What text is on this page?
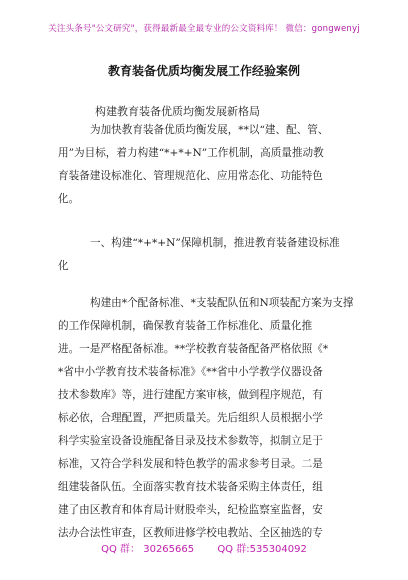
关注头条号"公文研究"，获得最新最全最专业的公文资料库！ 微信：gongwenyj
教育装备优质均衡发展工作经验案例
构建教育装备优质均衡发展新格局
为加快教育装备优质均衡发展，**以“建、配、管、
用”为目标，着力构建“*+*+N”工作机制，高质量推动教
育装备建设标准化、管理规范化、应用常态化、功能特色
化。
一、构建“*+*+N”保障机制，推进教育装备建设标准
化
构建由*个配备标准、*支装配队伍和N项装配方案为支撑
的工作保障机制，确保教育装备工作标准化、质量化推
进。一是严格配备标准。**学校教育装备配备严格依照《*
*省中小学教育技术装备标准》《**省中小学教学仪器设备
技术参数库》等，进行建配方案审核，做到程序规范，有
标必依，合理配置，严把质量关。先后组织人员根据小学
科学实验室设备设施配备目录及技术参数等，拟制立足于
标准，又符合学科发展和特色教学的需求参考目录。二是
组建装备队伍。全面落实教育技术装备采购主体责任，组
建了由区教育和体育局计财股牵头，纪检监察室监督，安
法办合法性审查，区教师进修学校电教站、全区抽选的专
QQ 群： 30265665 QQ 群:535304092
